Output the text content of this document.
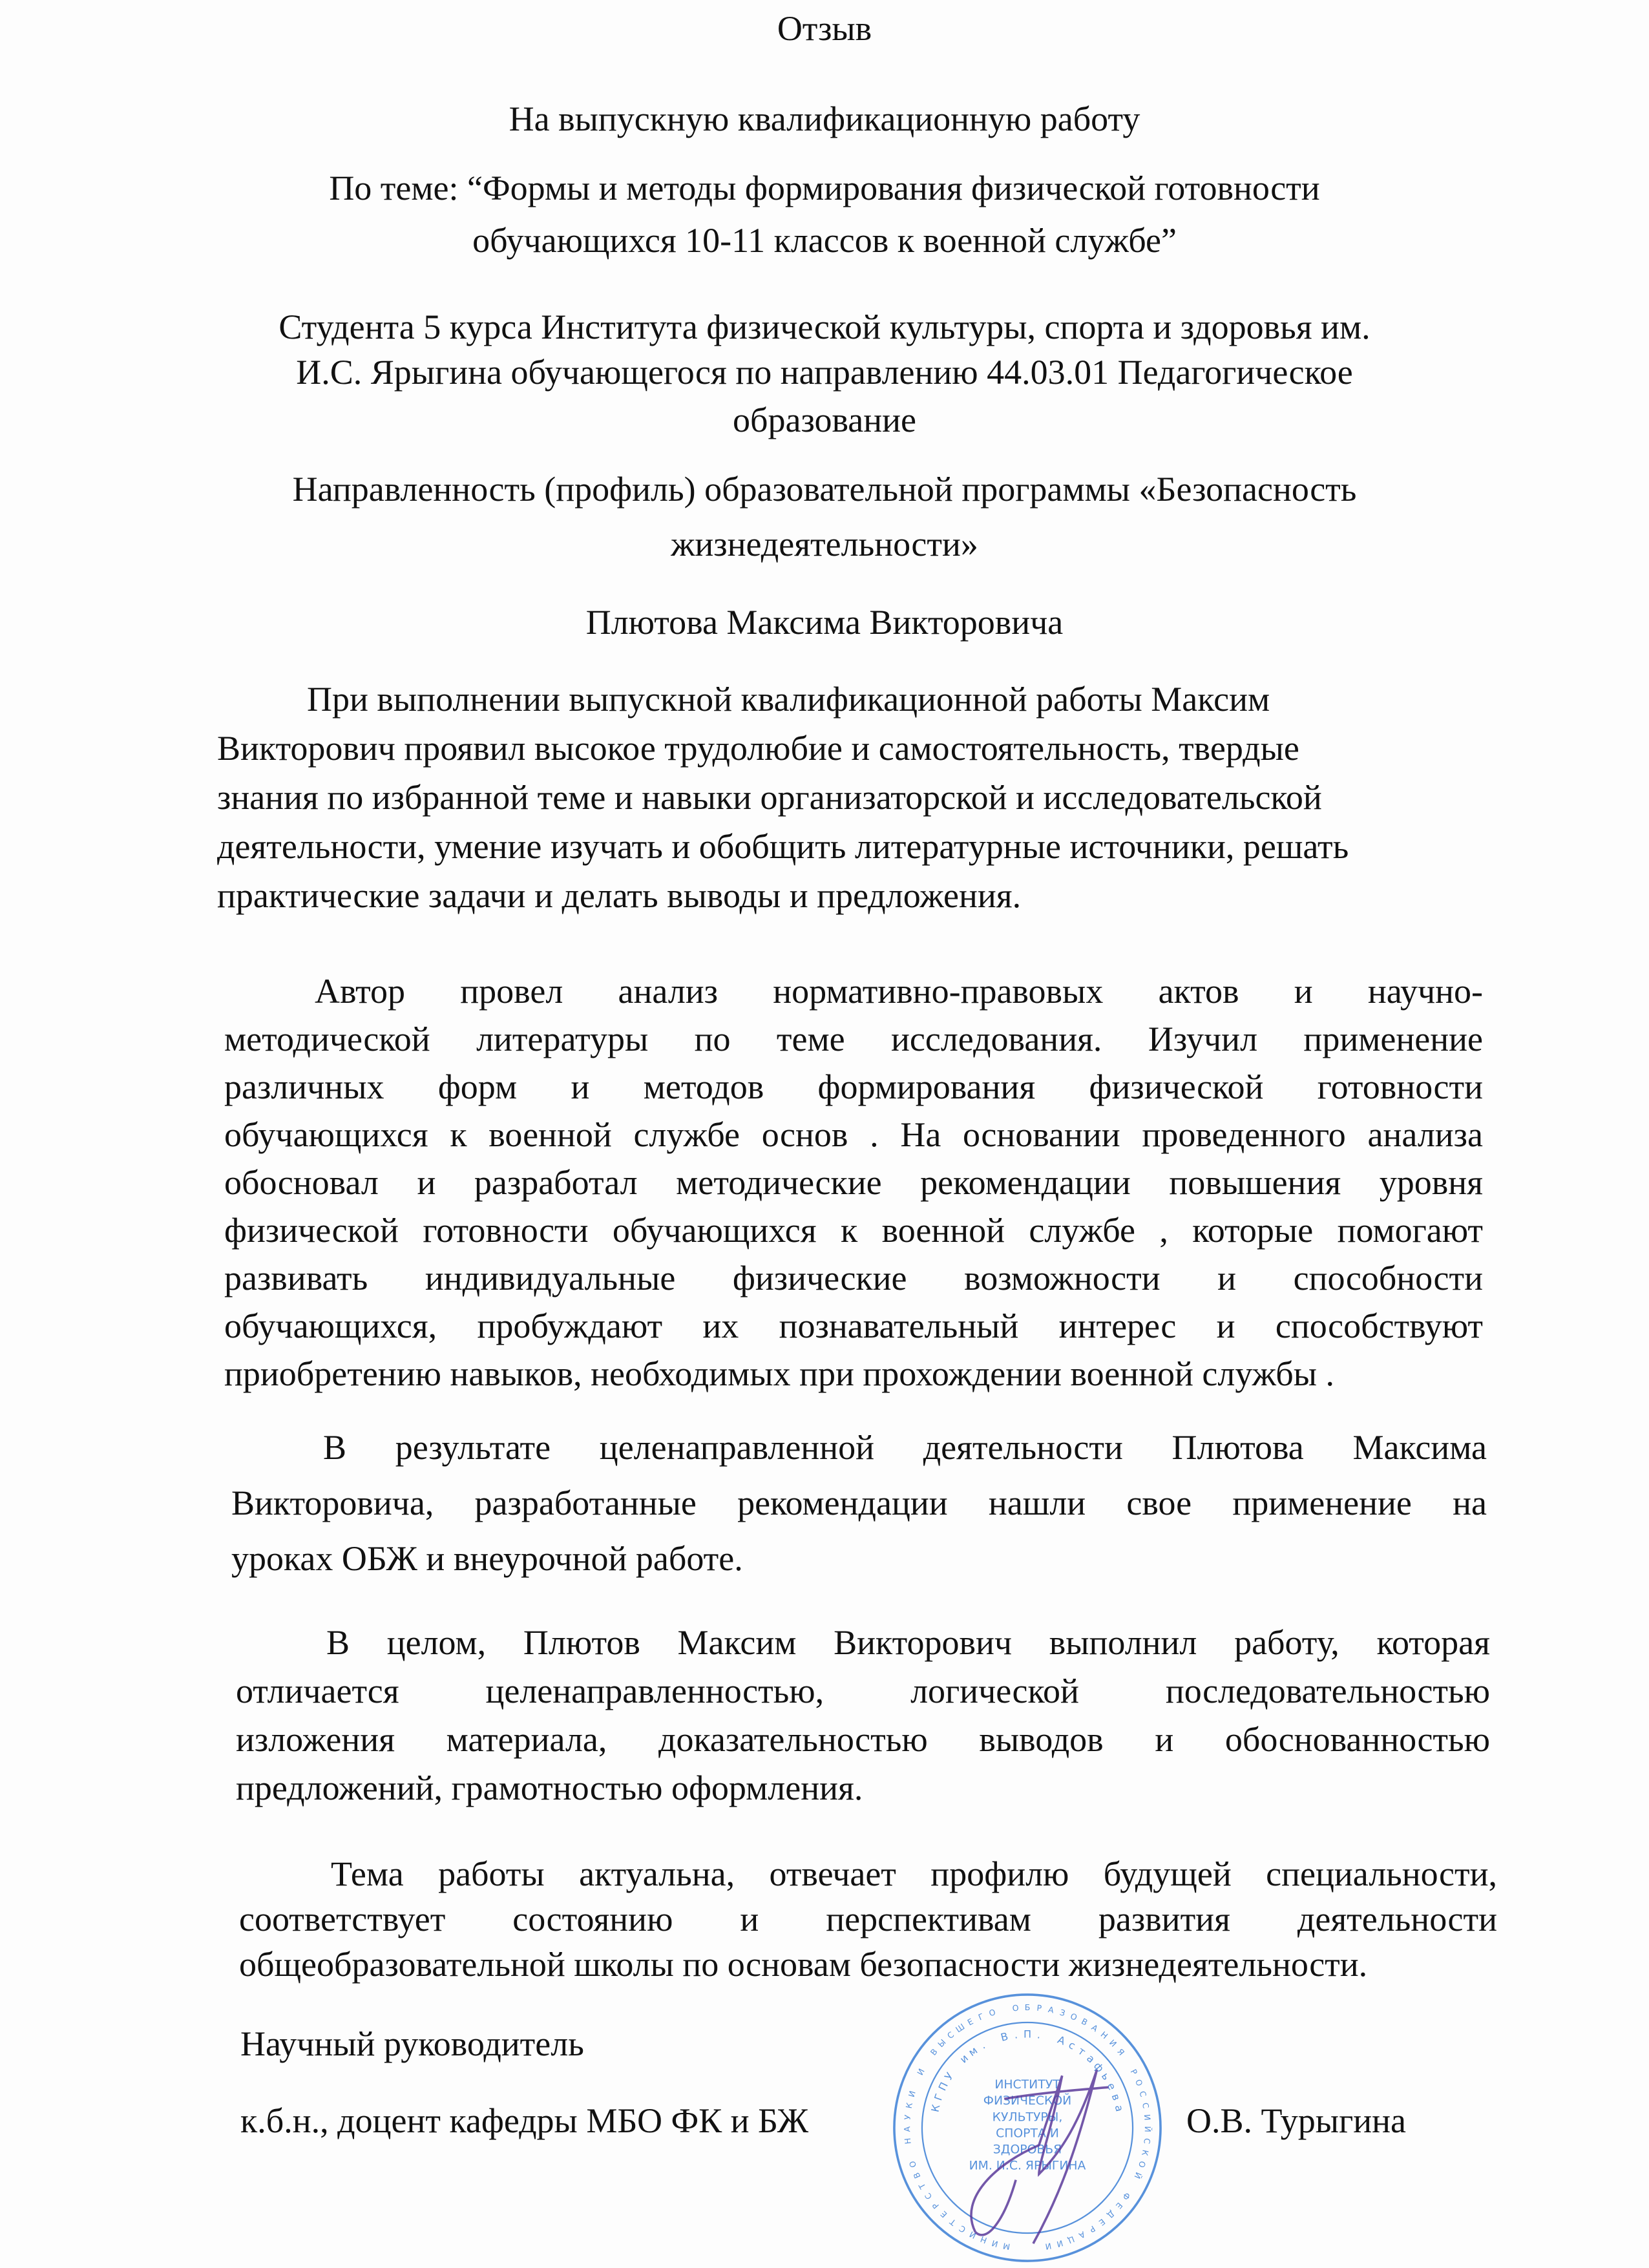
Отзыв
На выпускную квалификационную работу
По теме: “Формы и методы формирования физической готовности
обучающихся 10-11 классов к военной службе”
Студента 5 курса Института физической культуры, спорта и здоровья им.
И.С. Ярыгина обучающегося по направлению 44.03.01 Педагогическое
образование
Направленность (профиль) образовательной программы «Безопасность
жизнедеятельности»
Плютова Максима Викторовича
При выполнении выпускной квалификационной работы Максим
Викторович проявил высокое трудолюбие и самостоятельность, твердые
знания по избранной теме и навыки организаторской и исследовательской
деятельности, умение изучать и обобщить литературные источники, решать
практические задачи и делать выводы и предложения.
Автор провел анализ нормативно-правовых актов и научно-
методической литературы по теме исследования. Изучил применение
различных форм и методов формирования физической готовности
обучающихся к военной службе основ . На основании проведенного анализа
обосновал и разработал методические рекомендации повышения уровня
физической готовности обучающихся к военной службе , которые помогают
развивать индивидуальные физические возможности и способности
обучающихся, пробуждают их познавательный интерес и способствуют
приобретению навыков, необходимых при прохождении военной службы .
В результате целенаправленной деятельности Плютова Максима
Викторовича, разработанные рекомендации нашли свое применение на
уроках ОБЖ и внеурочной работе.
В целом, Плютов Максим Викторович выполнил работу, которая
отличается целенаправленностью, логической последовательностью
изложения материала, доказательностью выводов и обоснованностью
предложений, грамотностью оформления.
Тема работы актуальна, отвечает профилю будущей специальности,
соответствует состоянию и перспективам развития деятельности
общеобразовательной школы по основам безопасности жизнедеятельности.
Научный руководитель
к.б.н., доцент кафедры МБО ФК и БЖ	О.В. Турыгина
М
И
Н
И
С
Т
Е
Р
С
Т
В
О
Н
А
У
К
И
И
В
Ы
С
Ш
Е Г О О Б Р А З О В
А
Н
И
Я
Р
О
С
С
И
Й
С
К
О
Й
Ф
Е
Д
Е
Р
А
Ц
И
И
К
Г
П
У
и
м
.
В . П . А с
т
а
ф
ь
е
в
а
ИНСТИТУТ
ФИЗИЧЕСКОЙ
КУЛЬТУРЫ,
СПОРТА И
ЗДОРОВЬЯ
ИМ. И.С. ЯРЫГИНА
